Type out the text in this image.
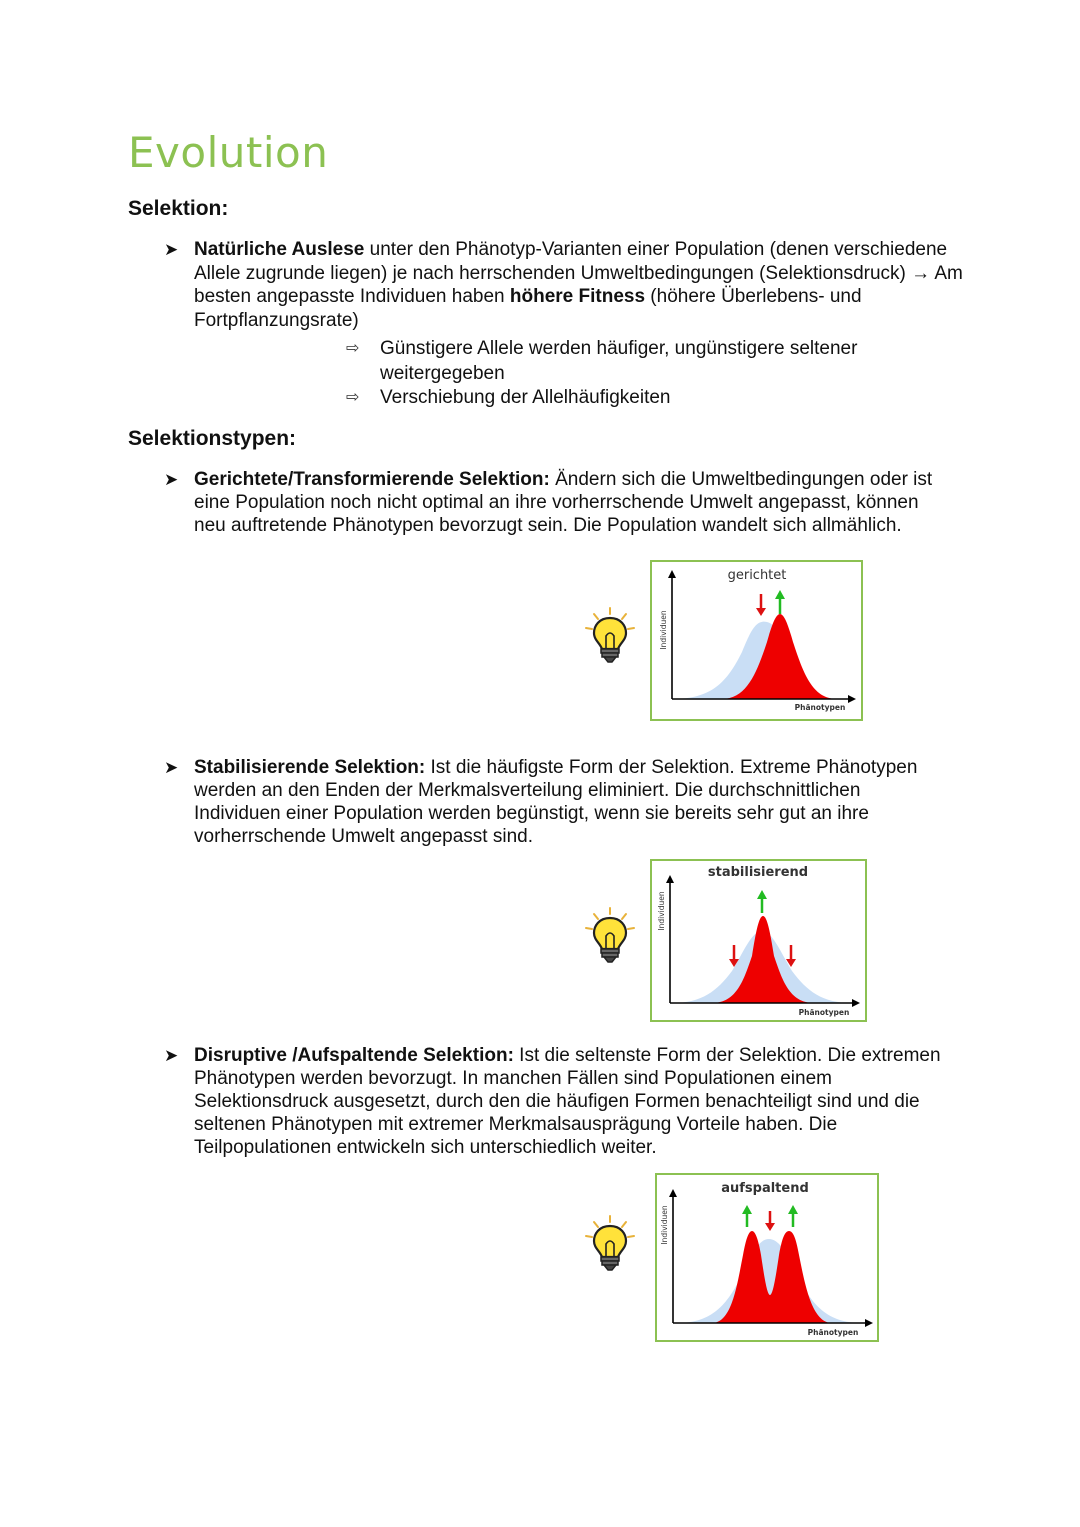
Evolution
Selektion:
➤ Natürliche Auslese unter den Phänotyp-Varianten einer Population (denen verschiedene Allele zugrunde liegen) je nach herrschenden Umweltbedingungen (Selektionsdruck) → Am besten angepasste Individuen haben höhere Fitness (höhere Überlebens- und Fortpflanzungsrate)
⇨ Günstigere Allele werden häufiger, ungünstigere seltener weitergegeben
⇨ Verschiebung der Allelhäufigkeiten
Selektionstypen:
➤ Gerichtete/Transformierende Selektion: Ändern sich die Umweltbedingungen oder ist eine Population noch nicht optimal an ihre vorherrschende Umwelt angepasst, können neu auftretende Phänotypen bevorzugt sein. Die Population wandelt sich allmählich.
➤ Stabilisierende Selektion: Ist die häufigste Form der Selektion. Extreme Phänotypen werden an den Enden der Merkmalsverteilung eliminiert. Die durchschnittlichen Individuen einer Population werden begünstigt, wenn sie bereits sehr gut an ihre vorherrschende Umwelt angepasst sind.
➤ Disruptive /Aufspaltende Selektion: Ist die seltenste Form der Selektion. Die extremen Phänotypen werden bevorzugt. In manchen Fällen sind Populationen einem Selektionsdruck ausgesetzt, durch den die häufigen Formen benachteiligt sind und die seltenen Phänotypen mit extremer Merkmalsausprägung Vorteile haben. Die Teilpopulationen entwickeln sich unterschiedlich weiter.
gerichtet
Individuen
Phänotypen
stabilisierend
Individuen
Phänotypen
aufspaltend
Individuen
Phänotypen
